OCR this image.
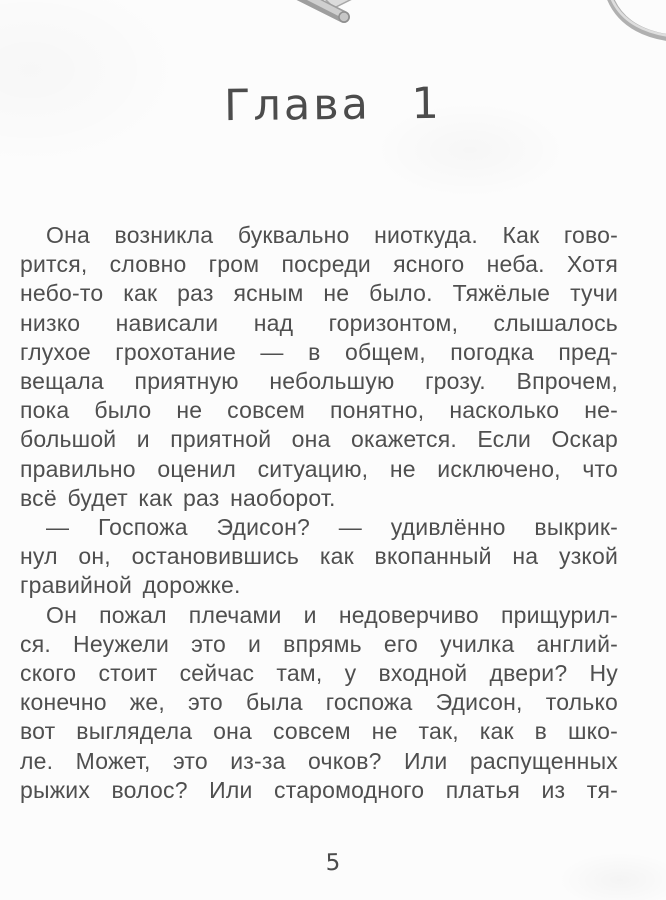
Глава 1
Она возникла буквально ниоткуда. Как гово-
рится, словно гром посреди ясного неба. Хотя
небо-то как раз ясным не было. Тяжёлые тучи
низко нависали над горизонтом, слышалось
глухое грохотание — в общем, погодка пред-
вещала приятную небольшую грозу. Впрочем,
пока было не совсем понятно, насколько не-
большой и приятной она окажется. Если Оскар
правильно оценил ситуацию, не исключено, что
всё будет как раз наоборот.
— Госпожа Эдисон? — удивлённо выкрик-
нул он, остановившись как вкопанный на узкой
гравийной дорожке.
Он пожал плечами и недоверчиво прищурил-
ся. Неужели это и впрямь его училка англий-
ского стоит сейчас там, у входной двери? Ну
конечно же, это была госпожа Эдисон, только
вот выглядела она совсем не так, как в шко-
ле. Может, это из-за очков? Или распущенных
рыжих волос? Или старомодного платья из тя-
5
